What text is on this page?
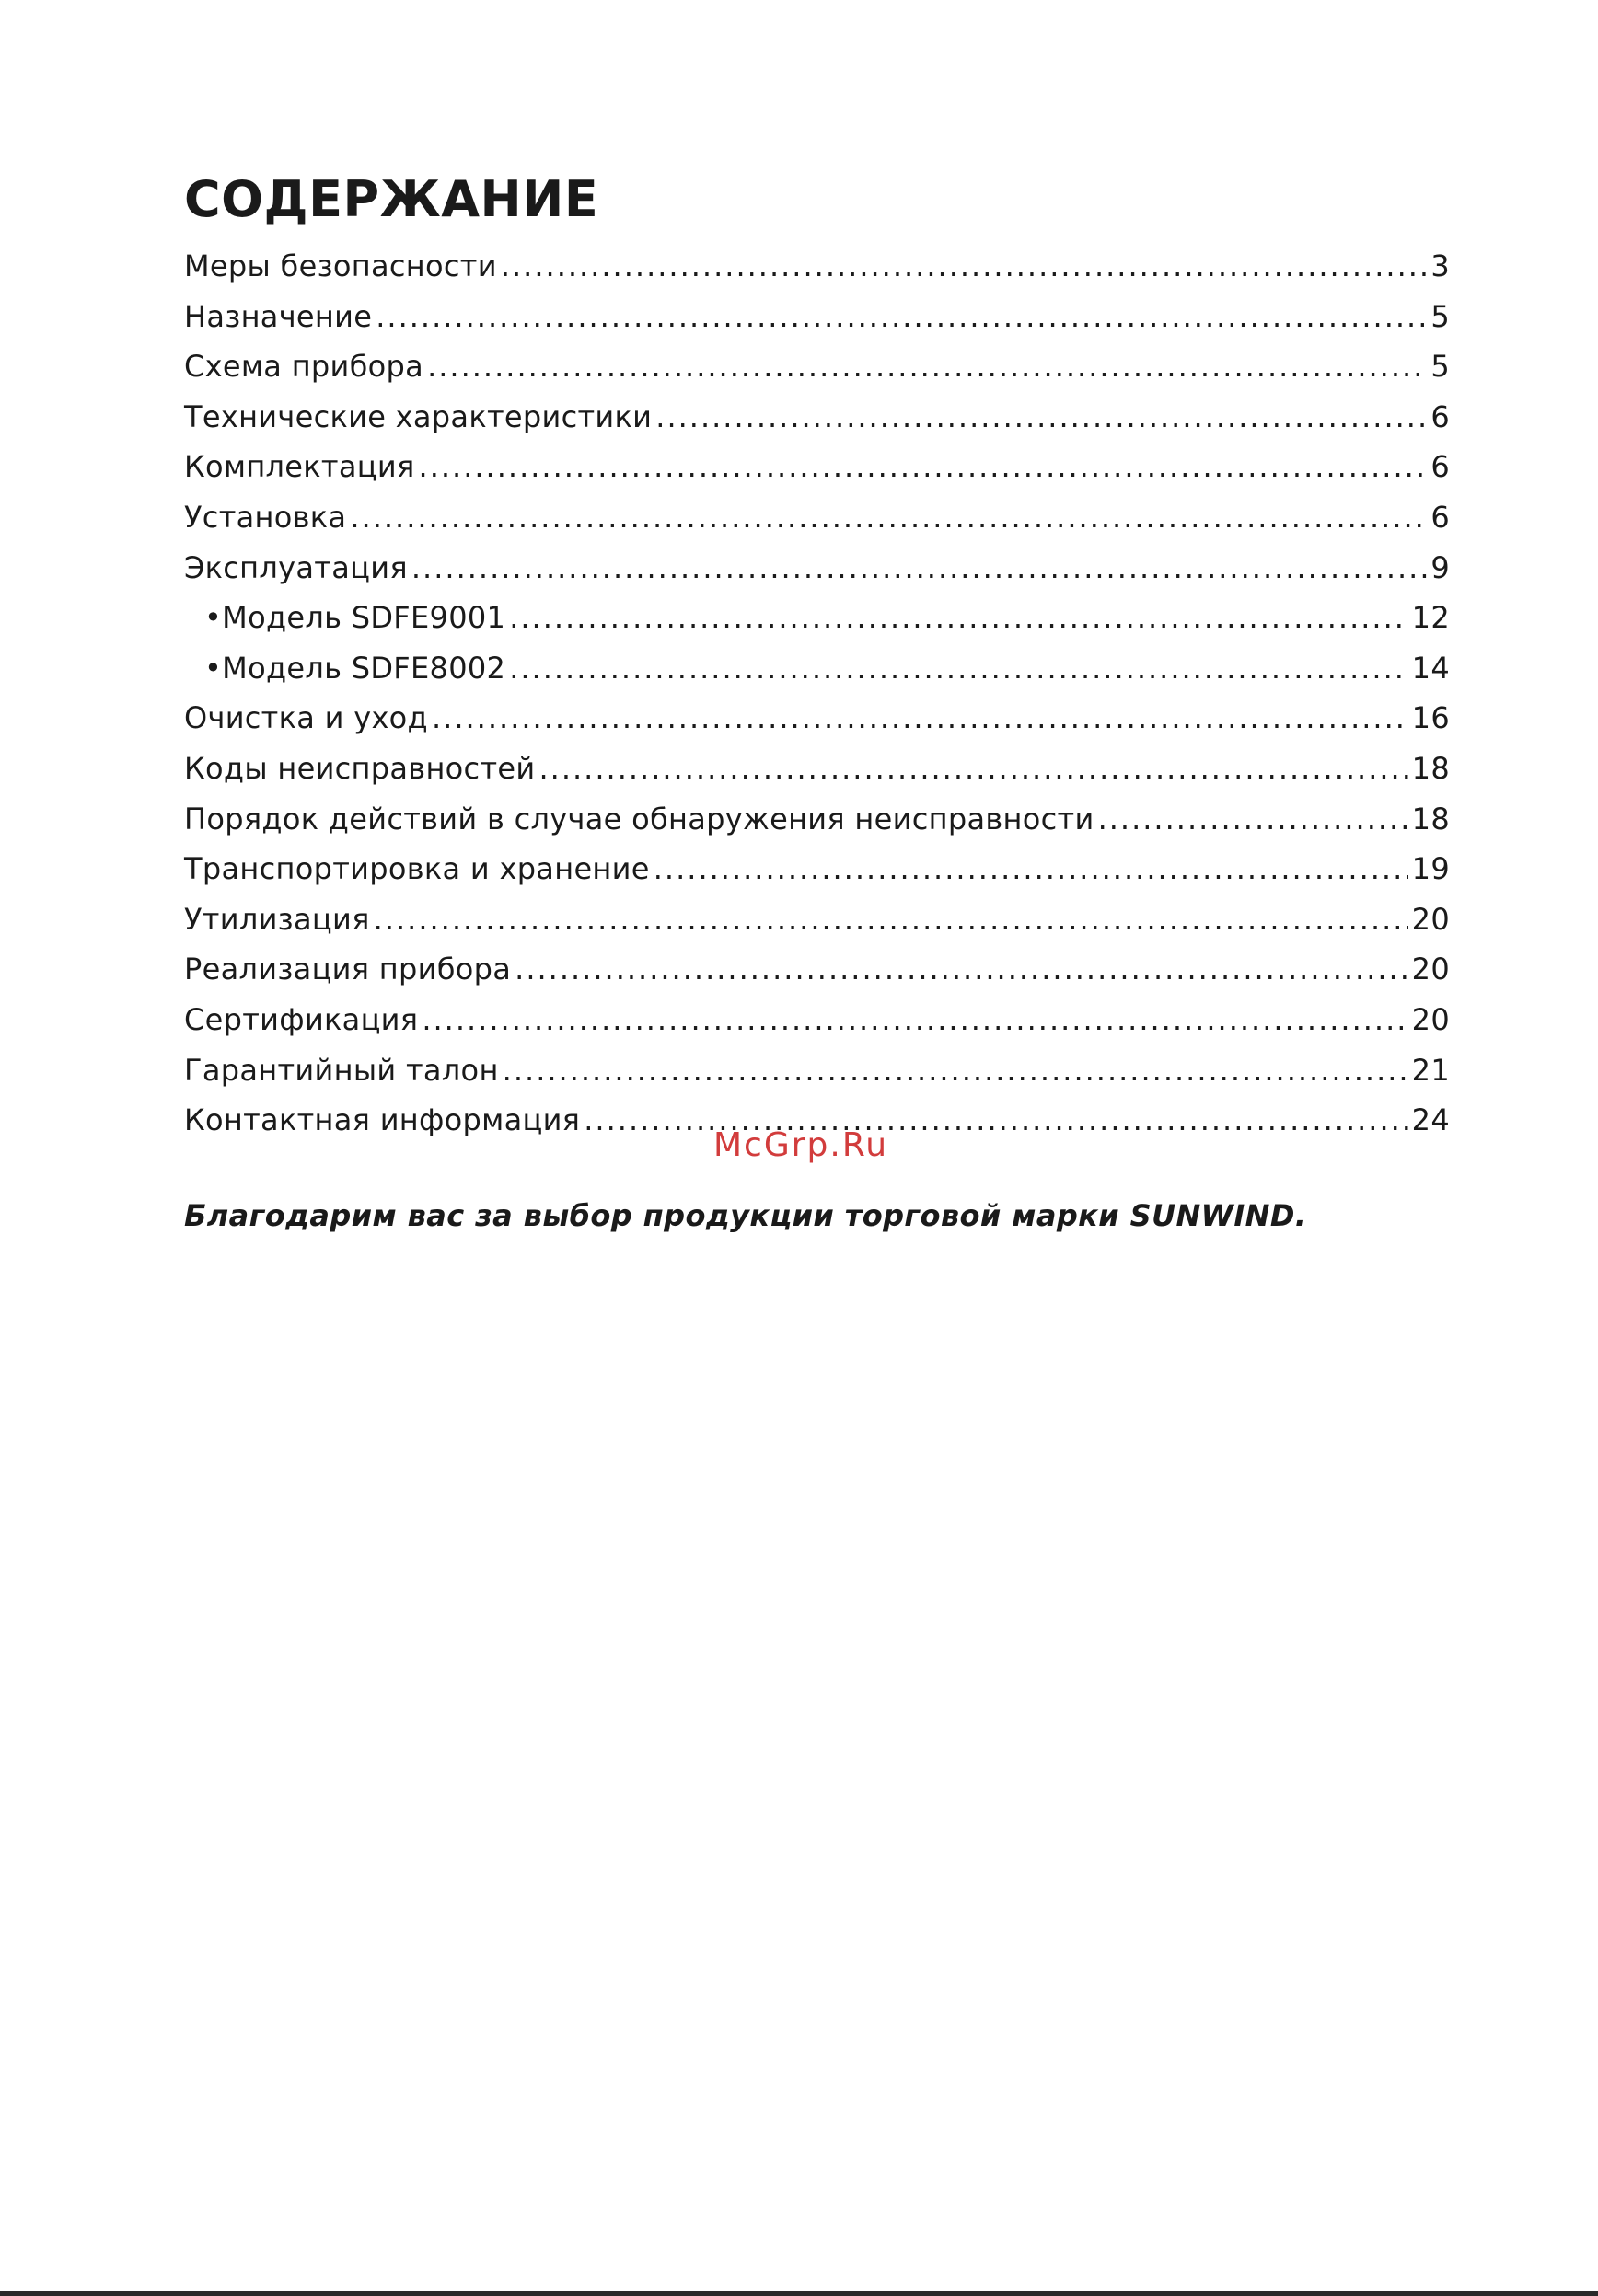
СОДЕРЖАНИЕ
Меры безопасности .....	3
Назначение .....	5
Схема прибора .....	5
Технические характеристики .....	6
Комплектация .....	6
Установка .....	6
Эксплуатация .....	9
•Модель SDFE9001 .....	12
•Модель SDFE8002 .....	14
Очистка и уход .....	16
Коды неисправностей .....	18
Порядок действий в случае обнаружения неисправности .....	18
Транспортировка и хранение .....	19
Утилизация .....	20
Реализация прибора .....	20
Сертификация .....	20
Гарантийный талон .....	21
Контактная информация .....	24
McGrp.Ru

Благодарим вас за выбор продукции торговой марки SUNWIND.
